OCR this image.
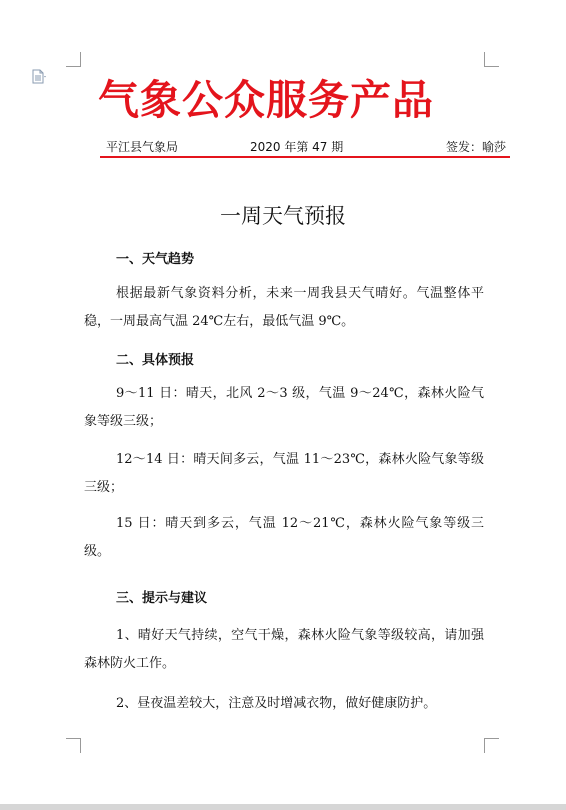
气象公众服务产品
平江县气象局	2020 年第 47 期	签发：喻莎
一周天气预报
一、天气趋势
根据最新气象资料分析，未来一周我县天气晴好。气温整体平稳，一周最高气温 24℃左右，最低气温 9℃。
二、具体预报
9～11 日：晴天，北风 2～3 级，气温 9～24℃，森林火险气象等级三级；
12～14 日：晴天间多云，气温 11～23℃，森林火险气象等级三级；
15 日：晴天到多云，气温 12～21℃，森林火险气象等级三级。
三、提示与建议
1、晴好天气持续，空气干燥，森林火险气象等级较高，请加强森林防火工作。
2、昼夜温差较大，注意及时增减衣物，做好健康防护。
